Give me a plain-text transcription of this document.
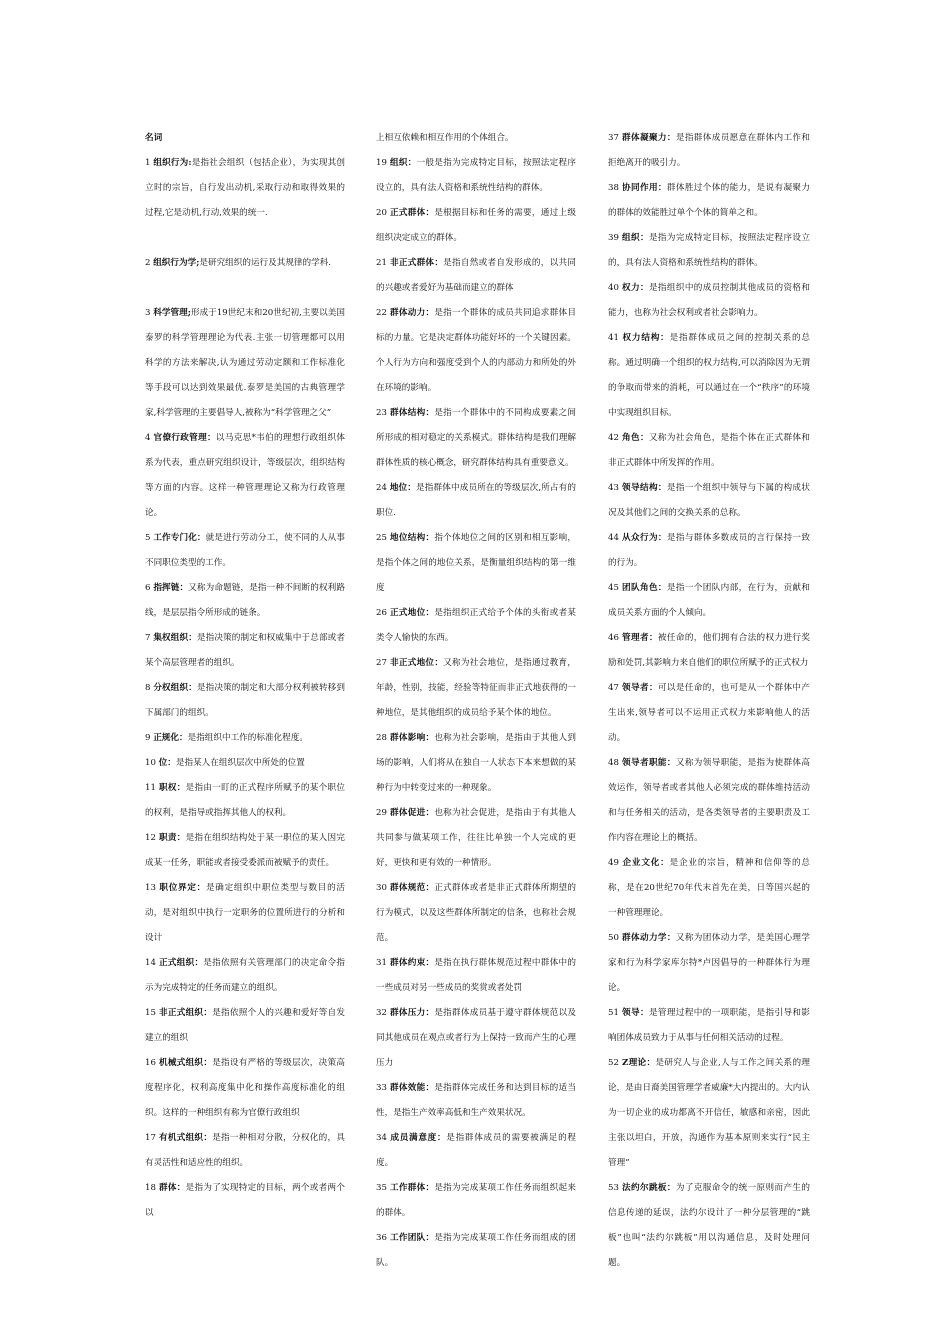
名词

1 组织行为:是指社会组织（包括企业），为实现其创立时的宗旨，自行发出动机,采取行动和取得效果的过程,它是动机,行动,效果的统一.

2 组织行为学;是研究组织的运行及其规律的学科.

3 科学管理;形成于19世纪末和20世纪初,主要以美国泰罗的科学管理理论为代表.主张一切管理都可以用科学的方法来解决,认为通过劳动定额和工作标准化等手段可以达到效果最优.泰罗是美国的古典管理学家,科学管理的主要倡导人,被称为“科学管理之父”

4 官僚行政管理：以马克思*韦伯的理想行政组织体系为代表，重点研究组织设计，等级层次，组织结构等方面的内容。这样一种管理理论又称为行政管理论。

5 工作专门化：就是进行劳动分工，使不同的人从事不同职位类型的工作。

6 指挥链：又称为命题链，是指一种不间断的权利路线，是层层指令所形成的链条。

7 集权组织：是指决策的制定和权威集中于总部或者某个高层管理者的组织。

8 分权组织：是指决策的制定和大部分权利被转移到下属部门的组织。

9 正规化：是指组织中工作的标准化程度。

10 位：是指某人在组织层次中所处的位置

11 职权：是指由一盯的正式程序所赋予的某个职位的权利，是指导或指挥其他人的权利。

12 职责：是指在组织结构处于某一职位的某人因完成某一任务，职能或者接受委派而被赋予的责任。

13 职位界定：是确定组织中职位类型与数目的活动，是对组织中执行一定职务的位置所进行的分析和设计

14 正式组织：是指依照有关管理部门的决定命令指示为完成特定的任务而建立的组织。

15 非正式组织：是指依照个人的兴趣和爱好等自发建立的组织

16 机械式组织：是指设有严格的等级层次，决策高度程序化，权利高度集中化和操作高度标准化的组织。这样的一种组织有称为官僚行政组织

17 有机式组织：是指一种相对分散，分权化的，具有灵活性和适应性的组织。

18 群体：是指为了实现特定的目标，两个或者两个以

上相互依赖和相互作用的个体组合。

19 组织：一般是指为完成特定目标，按照法定程序设立的，具有法人资格和系统性结构的群体。

20 正式群体：是根据目标和任务的需要，通过上级组织决定成立的群体。

21 非正式群体：是指自然或者自发形成的，以共同的兴趣或者爱好为基础而建立的群体

22 群体动力：是指一个群体的成员共同追求群体目标的力量。它是决定群体功能好坏的一个关键因素。个人行为方向和强度受到个人的内部动力和所处的外在环境的影响。

23 群体结构：是指一个群体中的不同构成要素之间所形成的相对稳定的关系模式。群体结构是我们理解群体性质的核心概念，研究群体结构具有重要意义。

24 地位：是指群体中成员所在的等级层次,所占有的职位.

25 地位结构：指个体地位之间的区别和相互影响，是指个体之间的地位关系，是衡量组织结构的第一维度

26 正式地位：是指组织正式给予个体的头衔或者某类令人愉快的东西。

27 非正式地位：又称为社会地位，是指通过教育，年龄，性别，技能，经验等特征而非正式地获得的一种地位，是其他组织的成员给予某个体的地位。

28 群体影响：也称为社会影响，是指由于其他人到场的影响，人们将从在独自一人状态下本来想做的某种行为中转变过来的一种现象。

29 群体促进：也称为社会促进，是指由于有其他人共同参与做某项工作，往往比单独一个人完成的更好，更快和更有效的一种情形。

30 群体规范：正式群体或者是非正式群体所期望的行为模式，以及这些群体所制定的信条，也称社会规范。

31 群体约束：是指在执行群体规范过程中群体中的一些成员对另一些成员的奖赏或者处罚

32 群体压力：是指群体成员基于遵守群体规范以及同其他成员在观点或者行为上保持一致而产生的心理压力

33 群体效能：是指群体完成任务和达到目标的适当性，是指生产效率高低和生产效果状况。

34 成员满意度：是指群体成员的需要被满足的程度。

35 工作群体：是指为完成某项工作任务而组织起来的群体。

36 工作团队：是指为完成某项工作任务而组成的团队。

37 群体凝聚力：是指群体成员愿意在群体内工作和拒绝离开的吸引力。

38 协同作用：群体胜过个体的能力，是说有凝聚力的群体的效能胜过单个个体的简单之和。

39 组织：是指为完成特定目标，按照法定程序设立的，具有法人资格和系统性结构的群体。

40 权力：是指组织中的成员控制其他成员的资格和能力，也称为社会权利或者社会影响力。

41 权力结构：是指群体成员之间的控制关系的总称。通过明确一个组织的权力结构,可以消除因为无谓的争取而带来的消耗，可以通过在一个“秩序”的环境中实现组织目标。

42 角色：又称为社会角色，是指个体在正式群体和非正式群体中所发挥的作用。

43 领导结构：是指一个组织中领导与下属的构成状况及其他们之间的交换关系的总称。

44 从众行为：是指与群体多数成员的言行保持一致的行为。

45 团队角色：是指一个团队内部，在行为，贡献和成员关系方面的个人倾向。

46 管理者：被任命的，他们拥有合法的权力进行奖励和处罚,其影响力来自他们的职位所赋予的正式权力

47 领导者：可以是任命的，也可是从一个群体中产生出来,领导者可以不运用正式权力来影响他人的活动。

48 领导者职能：又称为领导职能，是指为使群体高效运作，领导者或者其他人必须完成的群体维持活动和与任务相关的活动，是各类领导者的主要职责及工作内容在理论上的概括。

49 企业文化：是企业的宗旨，精神和信仰等的总称，是在20世纪70年代末首先在美，日等国兴起的一种管理理论。

50 群体动力学：又称为团体动力学，是美国心理学家和行为科学家库尔特*卢因倡导的一种群体行为理论。

51 领导：是管理过程中的一项职能，是指引导和影响团体成员致力于从事与任何相关活动的过程。

52 Z理论：是研究人与企业,人与工作之间关系的理论，是由日裔美国管理学者威廉*大内提出的。大内认为一切企业的成功都离不开信任，敏感和亲密，因此主张以坦白，开放，沟通作为基本原则来实行“民主管理”

53 法约尔跳板：为了克服命令的统一原则而产生的信息传递的延误，法约尔设计了一种分层管理的“跳板”也叫“法约尔跳板”用以沟通信息，及时处理问题。
